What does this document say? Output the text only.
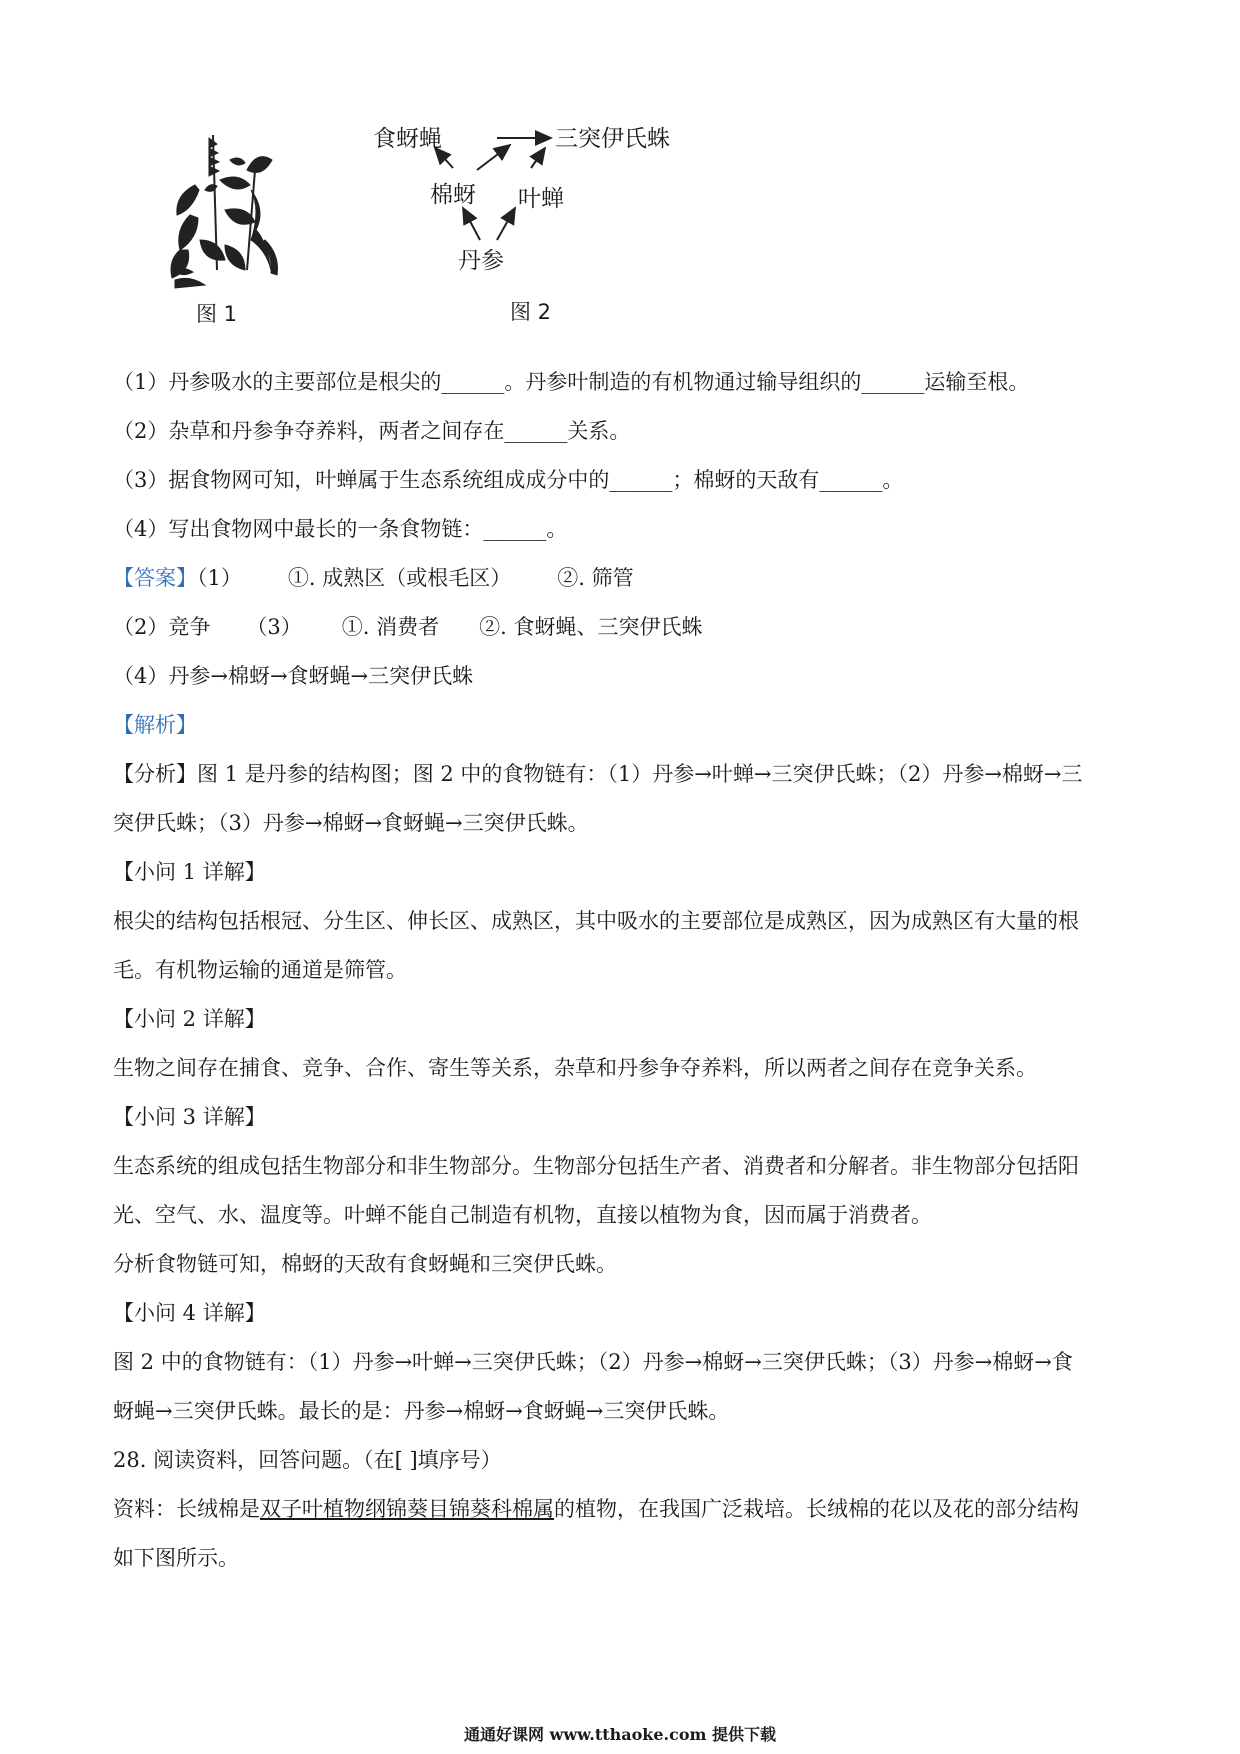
图 1
食蚜蝇	三突伊氏蛛
棉蚜 叶蝉
丹参
图 2
（1）丹参吸水的主要部位是根尖的______。丹参叶制造的有机物通过输导组织的______运输至根。
（2）杂草和丹参争夺养料，两者之间存在______关系。
（3）据食物网可知，叶蝉属于生态系统组成成分中的______；棉蚜的天敌有______。
（4）写出食物网中最长的一条食物链：______。
【答案】（1） ①. 成熟区（或根毛区） ②. 筛管
（2）竞争 （3） ①. 消费者 ②. 食蚜蝇、三突伊氏蛛
（4）丹参→棉蚜→食蚜蝇→三突伊氏蛛
【解析】
【分析】图 1 是丹参的结构图；图 2 中的食物链有：（1）丹参→叶蝉→三突伊氏蛛；（2）丹参→棉蚜→三
突伊氏蛛；（3）丹参→棉蚜→食蚜蝇→三突伊氏蛛。
【小问 1 详解】
根尖的结构包括根冠、分生区、伸长区、成熟区，其中吸水的主要部位是成熟区，因为成熟区有大量的根
毛。有机物运输的通道是筛管。
【小问 2 详解】
生物之间存在捕食、竞争、合作、寄生等关系，杂草和丹参争夺养料，所以两者之间存在竞争关系。
【小问 3 详解】
生态系统的组成包括生物部分和非生物部分。生物部分包括生产者、消费者和分解者。非生物部分包括阳
光、空气、水、温度等。叶蝉不能自己制造有机物，直接以植物为食，因而属于消费者。
分析食物链可知，棉蚜的天敌有食蚜蝇和三突伊氏蛛。
【小问 4 详解】
图 2 中的食物链有：（1）丹参→叶蝉→三突伊氏蛛；（2）丹参→棉蚜→三突伊氏蛛；（3）丹参→棉蚜→食
蚜蝇→三突伊氏蛛。最长的是：丹参→棉蚜→食蚜蝇→三突伊氏蛛。
28. 阅读资料，回答问题。（在[ ]填序号）
资料：长绒棉是双子叶植物纲锦葵目锦葵科棉属的植物，在我国广泛栽培。长绒棉的花以及花的部分结构
如下图所示。
通通好课网 www.tthaoke.com 提供下载
